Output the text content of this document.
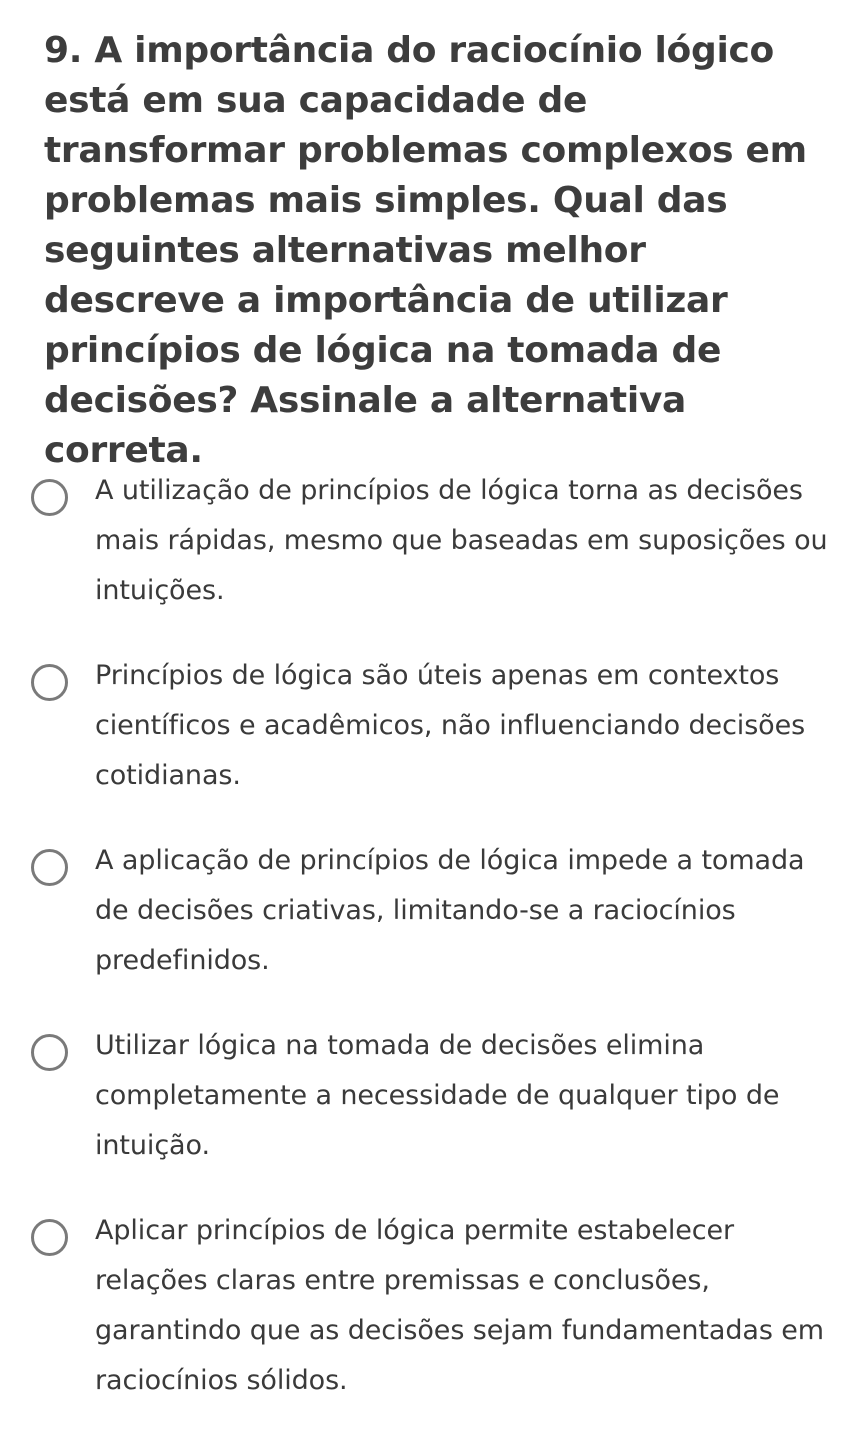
9. A importância do raciocínio lógico está em sua capacidade de transformar problemas complexos em problemas mais simples. Qual das seguintes alternativas melhor descreve a importância de utilizar princípios de lógica na tomada de decisões? Assinale a alternativa correta.
A utilização de princípios de lógica torna as decisões mais rápidas, mesmo que baseadas em suposições ou intuições.
Princípios de lógica são úteis apenas em contextos científicos e acadêmicos, não influenciando decisões cotidianas.
A aplicação de princípios de lógica impede a tomada de decisões criativas, limitando-se a raciocínios predefinidos.
Utilizar lógica na tomada de decisões elimina completamente a necessidade de qualquer tipo de intuição.
Aplicar princípios de lógica permite estabelecer relações claras entre premissas e conclusões, garantindo que as decisões sejam fundamentadas em raciocínios sólidos.
